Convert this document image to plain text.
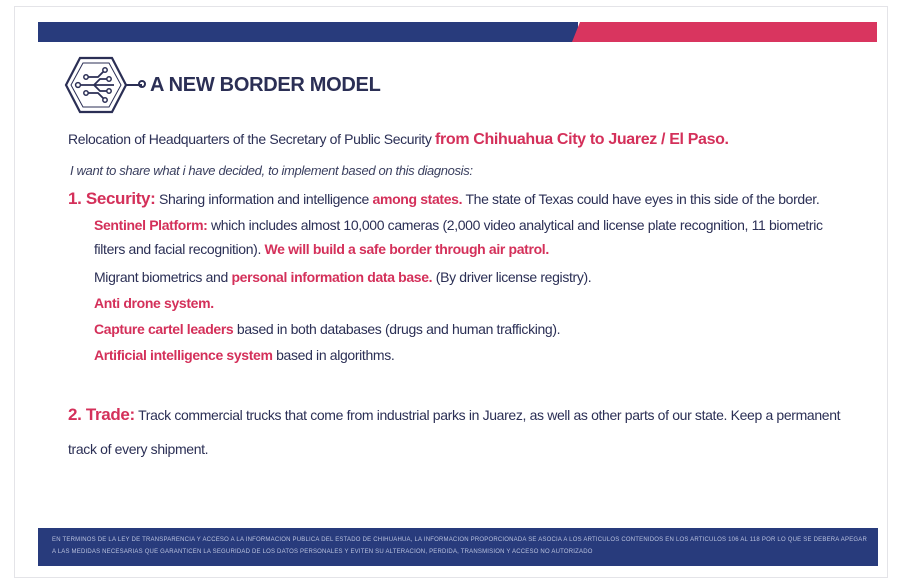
A NEW BORDER MODEL
Relocation of Headquarters of the Secretary of Public Security from Chihuahua City to Juarez / El Paso.
I want to share what i have decided, to implement based on this diagnosis:
1. Security: Sharing information and intelligence among states. The state of Texas could have eyes in this side of the border.
Sentinel Platform: which includes almost 10,000 cameras (2,000 video analytical and license plate recognition, 11 biometric
filters and facial recognition). We will build a safe border through air patrol.
Migrant biometrics and personal information data base. (By driver license registry).
Anti drone system.
Capture cartel leaders based in both databases (drugs and human trafficking).
Artificial intelligence system based in algorithms.
2. Trade: Track commercial trucks that come from industrial parks in Juarez, as well as other parts of our state. Keep a permanent
track of every shipment.
EN TERMINOS DE LA LEY DE TRANSPARENCIA Y ACCESO A LA INFORMACION PUBLICA DEL ESTADO DE CHIHUAHUA, LA INFORMACION PROPORCIONADA SE ASOCIA A LOS ARTICULOS CONTENIDOS EN LOS ARTICULOS 106 AL 118 POR LO QUE SE DEBERA APEGAR A LAS MEDIDAS NECESARIAS QUE GARANTICEN LA SEGURIDAD DE LOS DATOS PERSONALES Y EVITEN SU ALTERACION, PERDIDA, TRANSMISION Y ACCESO NO AUTORIZADO
